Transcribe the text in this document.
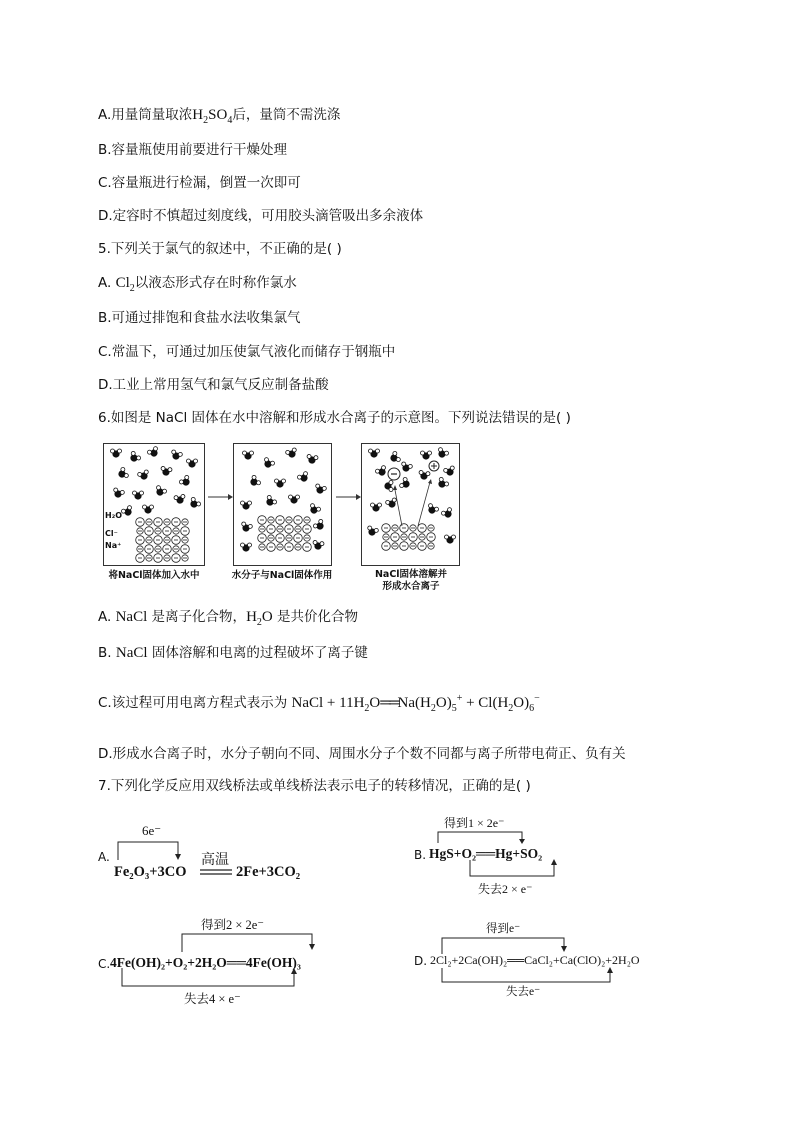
A.用量筒量取浓$H_2SO_4$后，量筒不需洗涤
B.容量瓶使用前要进行干燥处理
C.容量瓶进行检漏，倒置一次即可
D.定容时不慎超过刻度线，可用胶头滴管吸出多余液体
5.下列关于氯气的叙述中，不正确的是( )
A. $Cl_2$以液态形式存在时称作氯水
B.可通过排饱和食盐水法收集氯气
C.常温下，可通过加压使氯气液化而储存于钢瓶中
D.工业上常用氢气和氯气反应制备盐酸
6.如图是 NaCl 固体在水中溶解和形成水合离子的示意图。下列说法错误的是( )
将NaCl固体加入水中	水分子与NaCl固体作用	NaCl固体溶解并
形成水合离子
H₂O
Cl⁻
Na⁺
A. NaCl 是离子化合物，$H_2O$ 是共价化合物
B. NaCl 固体溶解和电离的过程破坏了离子键
C.该过程可用电离方程式表示为 NaCl + $11H_2O══Na(H_2O)_5^+ + Cl(H_2O)_6^-$
D.形成水合离子时，水分子朝向不同、周围水分子个数不同都与离子所带电荷正、负有关
7.下列化学反应用双线桥法或单线桥法表示电子的转移情况，正确的是( )
A.
6e⁻
高温
Fe₂O₃+3CO	2Fe+3CO₂
得到1 × 2e⁻
B. HgS+O₂══Hg+SO₂
失去2 × e⁻
得到2 × 2e⁻
C. 4Fe(OH)₂+O₂+2H₂O══4Fe(OH)₃
失去4 × e⁻
得到e⁻
D. 2Cl₂+2Ca(OH)₂══CaCl₂+Ca(ClO)₂+2H₂O
失去e⁻
